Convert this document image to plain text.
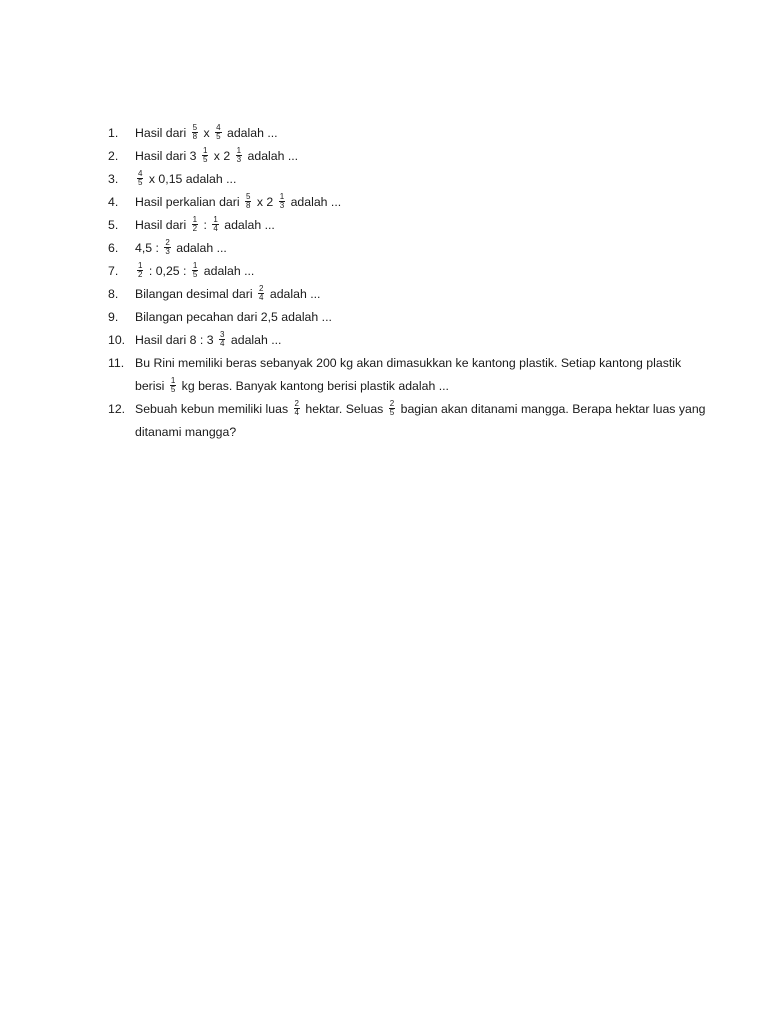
1.	Hasil dari $\frac{5}{8}$ x $\frac{4}{5}$ adalah ...
2.	Hasil dari $3 \frac{1}{5}$ x $2 \frac{1}{3}$ adalah ...
3.	$\frac{4}{5}$ x 0,15 adalah ...
4.	Hasil perkalian dari $\frac{5}{8}$ x $2 \frac{1}{3}$ adalah ...
5.	Hasil dari $\frac{1}{2}$ : $\frac{1}{4}$ adalah ...
6.	4,5 : $\frac{2}{3}$ adalah ...
7.	$\frac{1}{2}$ : 0,25 : $\frac{1}{5}$ adalah ...
8.	Bilangan desimal dari $\frac{2}{4}$ adalah ...
9.	Bilangan pecahan dari 2,5 adalah ...
10. Hasil dari 8 : $3 \frac{3}{4}$ adalah ...
11. Bu Rini memiliki beras sebanyak 200 kg akan dimasukkan ke kantong plastik. Setiap kantong plastik berisi $\frac{1}{5}$ kg beras. Banyak kantong berisi plastik adalah ...
12. Sebuah kebun memiliki luas $\frac{2}{4}$ hektar. Seluas $\frac{2}{5}$ bagian akan ditanami mangga. Berapa hektar luas yang ditanami mangga?
